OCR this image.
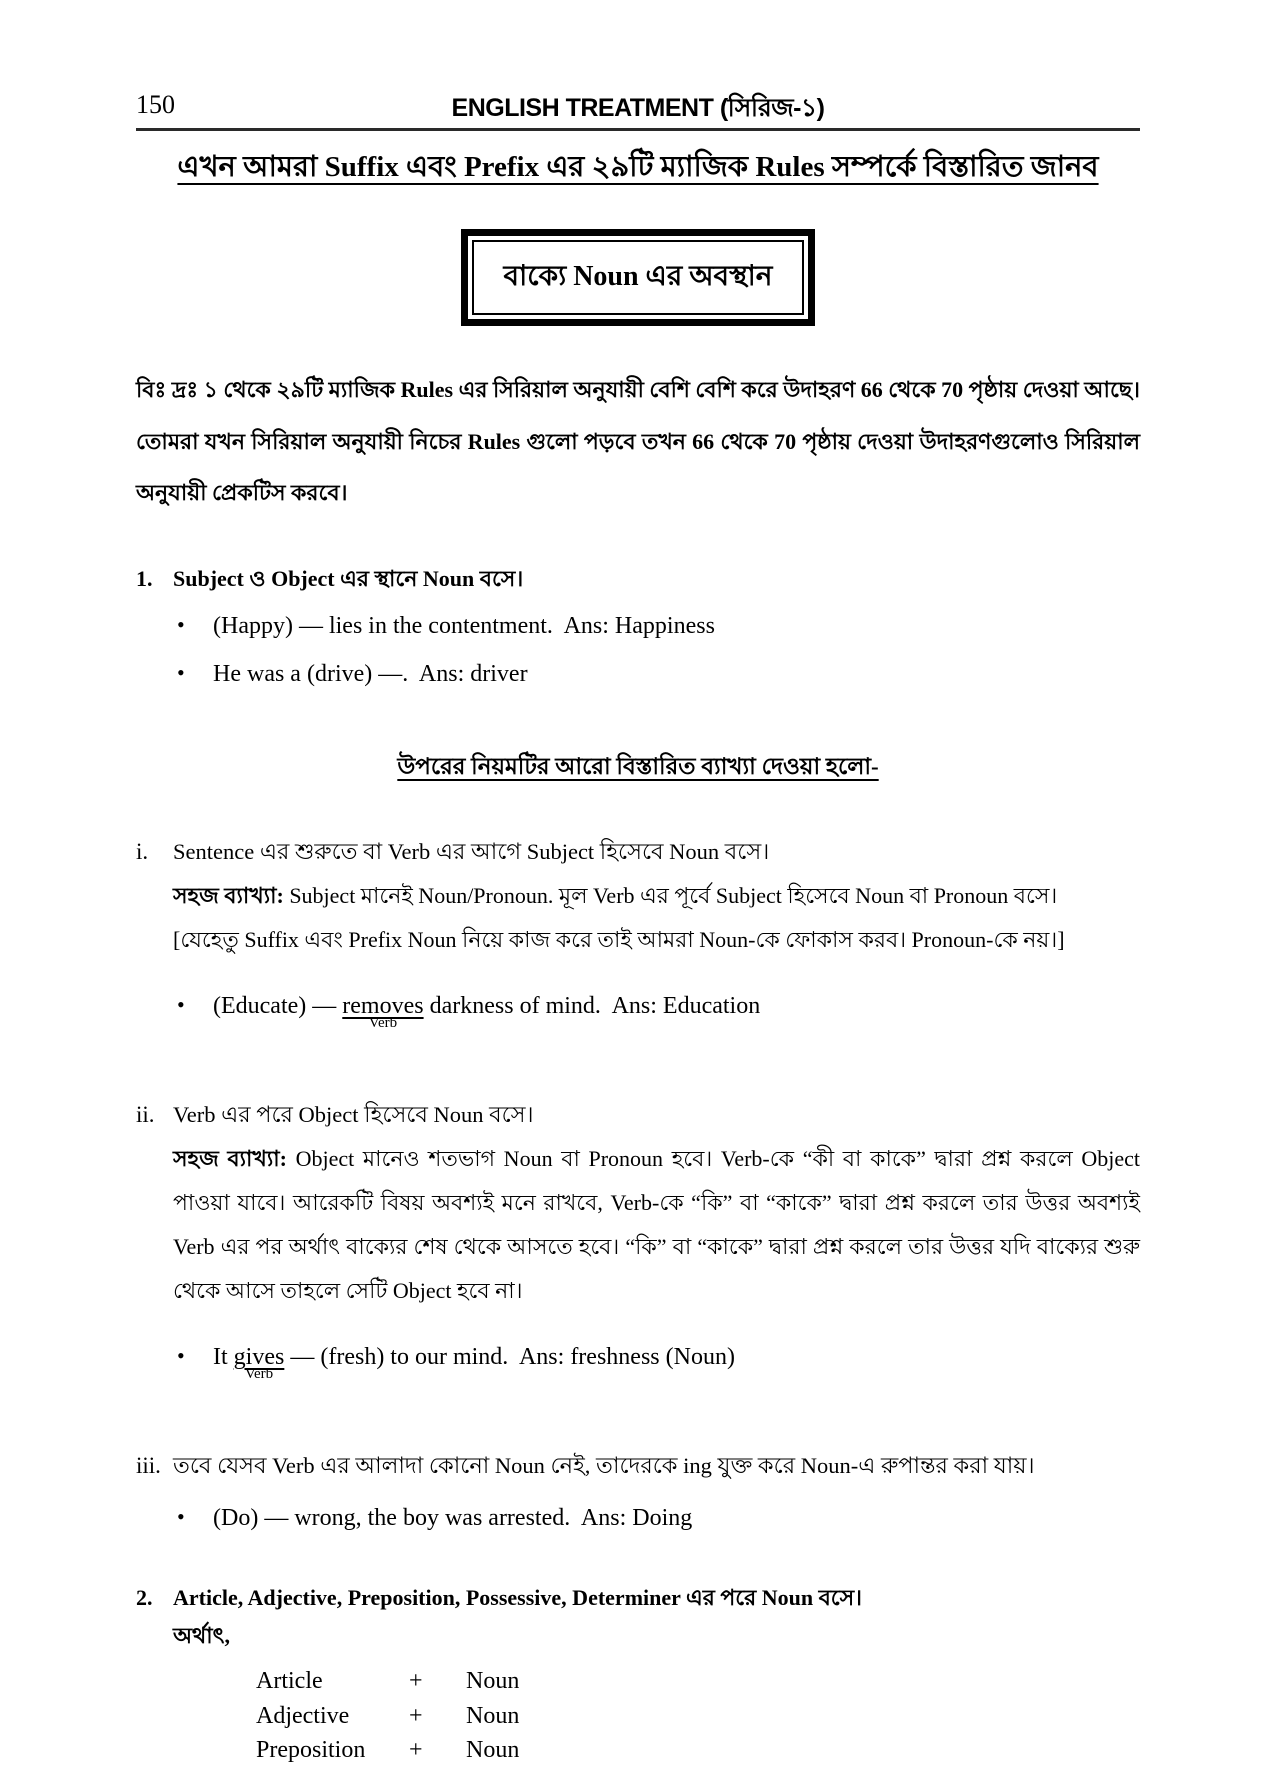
150	ENGLISH TREATMENT (সিরিজ-১)
এখন আমরা Suffix এবং Prefix এর ২৯টি ম্যাজিক Rules সম্পর্কে বিস্তারিত জানব
বাক্যে Noun এর অবস্থান
বিঃ দ্রঃ ১ থেকে ২৯টি ম্যাজিক Rules এর সিরিয়াল অনুযায়ী বেশি বেশি করে উদাহরণ 66 থেকে 70 পৃষ্ঠায় দেওয়া আছে। তোমরা যখন সিরিয়াল অনুযায়ী নিচের Rules গুলো পড়বে তখন 66 থেকে 70 পৃষ্ঠায় দেওয়া উদাহরণগুলোও সিরিয়াল অনুযায়ী প্রেকটিস করবে।
1. Subject ও Object এর স্থানে Noun বসে।
•	(Happy) — lies in the contentment.  Ans: Happiness
•	He was a (drive) —.  Ans: driver
উপরের নিয়মটির আরো বিস্তারিত ব্যাখ্যা দেওয়া হলো-
i.	Sentence এর শুরুতে বা Verb এর আগে Subject হিসেবে Noun বসে।
সহজ ব্যাখ্যা: Subject মানেই Noun/Pronoun. মূল Verb এর পূর্বে Subject হিসেবে Noun বা Pronoun বসে।
[যেহেতু Suffix এবং Prefix Noun নিয়ে কাজ করে তাই আমরা Noun-কে ফোকাস করব। Pronoun-কে নয়।]
•	(Educate) — removes
Verb
darkness of mind.  Ans: Education
ii. Verb এর পরে Object হিসেবে Noun বসে।
সহজ ব্যাখ্যা: Object মানেও শতভাগ Noun বা Pronoun হবে। Verb-কে “কী বা কাকে” দ্বারা প্রশ্ন করলে Object পাওয়া যাবে। আরেকটি বিষয় অবশ্যই মনে রাখবে, Verb-কে “কি” বা “কাকে” দ্বারা প্রশ্ন করলে তার উত্তর অবশ্যই Verb এর পর অর্থাৎ বাক্যের শেষ থেকে আসতে হবে। “কি” বা “কাকে” দ্বারা প্রশ্ন করলে তার উত্তর যদি বাক্যের শুরু থেকে আসে তাহলে সেটি Object হবে না।
•	It gives
Verb
— (fresh) to our mind.  Ans: freshness (Noun)
iii. তবে যেসব Verb এর আলাদা কোনো Noun নেই, তাদেরকে ing যুক্ত করে Noun-এ রুপান্তর করা যায়।
•	(Do) — wrong, the boy was arrested.  Ans: Doing
2. Article, Adjective, Preposition, Possessive, Determiner এর পরে Noun বসে।
অর্থাৎ,
Article	+	Noun
Adjective	+	Noun
Preposition	+	Noun
